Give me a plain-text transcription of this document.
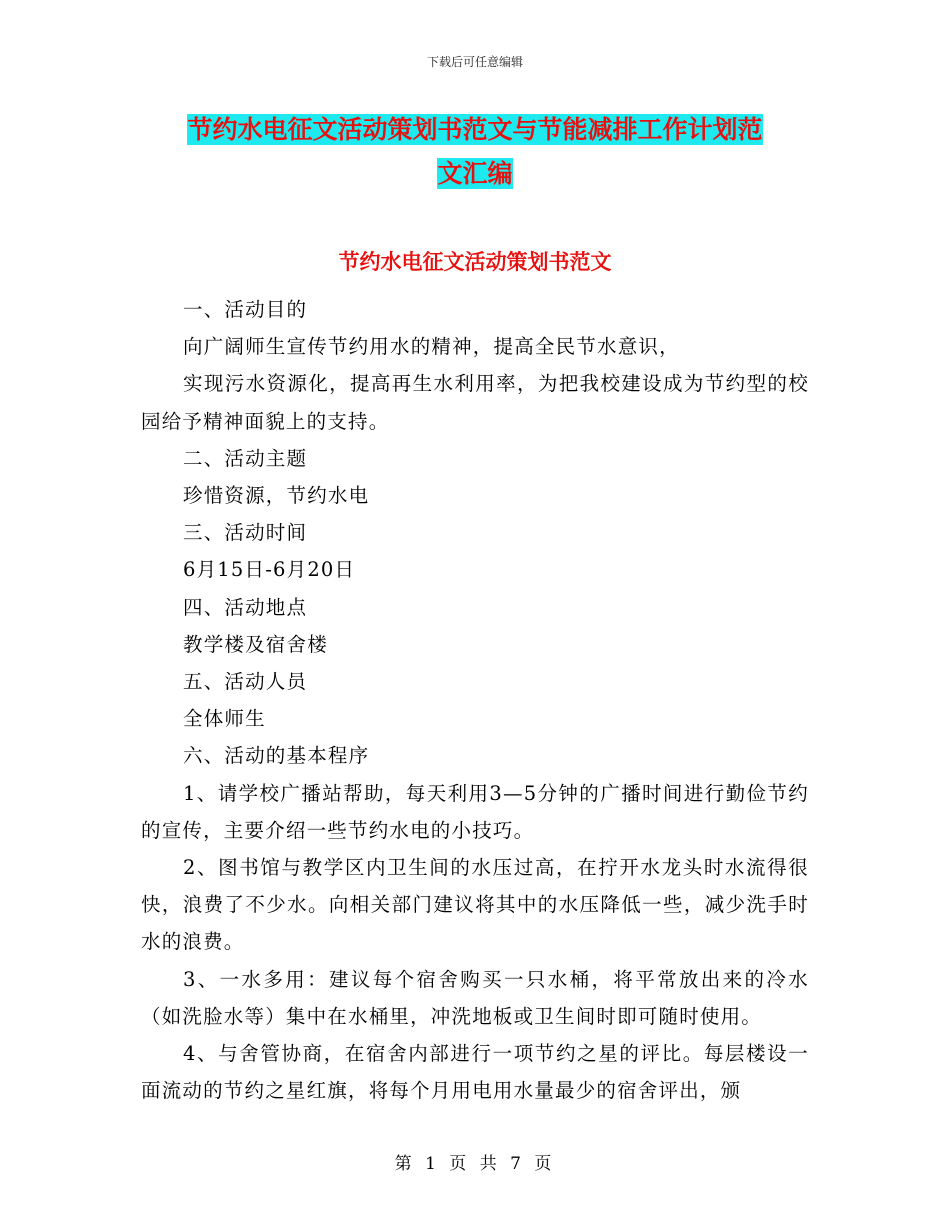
下载后可任意编辑
节约水电征文活动策划书范文与节能减排工作计划范
文汇编
节约水电征文活动策划书范文

一、活动目的

向广阔师生宣传节约用水的精神，提高全民节水意识，

实现污水资源化，提高再生水利用率，为把我校建设成为节约型的校园给予精神面貌上的支持。

二、活动主题

珍惜资源，节约水电

三、活动时间

6月15日-6月20日

四、活动地点

教学楼及宿舍楼

五、活动人员

全体师生

六、活动的基本程序

1、请学校广播站帮助，每天利用3—5分钟的广播时间进行勤俭节约的宣传，主要介绍一些节约水电的小技巧。

2、图书馆与教学区内卫生间的水压过高，在拧开水龙头时水流得很快，浪费了不少水。向相关部门建议将其中的水压降低一些，减少洗手时水的浪费。

3、一水多用：建议每个宿舍购买一只水桶，将平常放出来的冷水（如洗脸水等）集中在水桶里，冲洗地板或卫生间时即可随时使用。

4、与舍管协商，在宿舍内部进行一项节约之星的评比。每层楼设一面流动的节约之星红旗，将每个月用电用水量最少的宿舍评出，颁

第 1 页 共 7 页
